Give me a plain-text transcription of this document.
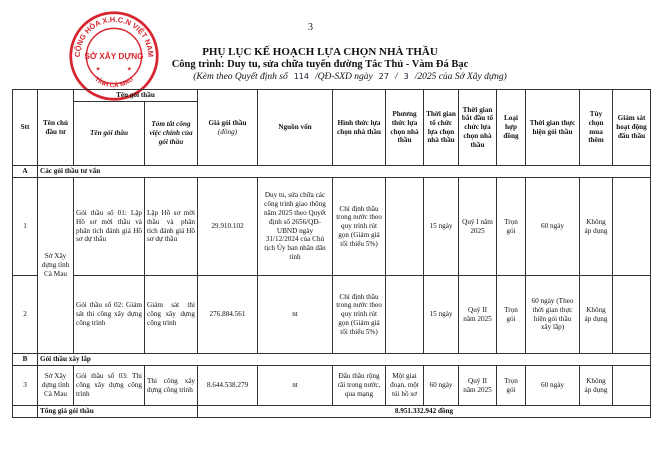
3
CỘNG HÒA X.H.C.N VIỆT NAM
TỈNH CÀ MAU
SỞ XÂY DỰNG
★	★
PHỤ LỤC KẾ HOẠCH LỰA CHỌN NHÀ THẦU
Công trình: Duy tu, sửa chữa tuyến đường Tắc Thủ - Vàm Đá Bạc
(Kèm theo Quyết định số 114 /QĐ-SXD ngày 27 / 3 /2025 của Sở Xây dựng)
Stt	Tên chủ đầu tư	Tên gói thầu		Giá gói thầu
(đồng)	Nguồn vốn	Hình thức lựa chọn nhà thầu	Phương thức lựa chọn nhà thầu	Thời gian tổ chức lựa chọn nhà thầu	Thời gian bắt đầu tổ chức lựa chọn nhà thầu	Loại hợp đồng	Thời gian thực hiện gói thầu	Tùy chọn mua thêm	Giám sát hoạt động đấu thầu
		Tên gói thầu	Tóm tắt công việc chính của gói thầu										
A	Các gói thầu tư vấn												
1	Sở Xây dựng tỉnh Cà Mau	Gói thầu số 01: Lập Hồ sơ mời thầu và phân tích đánh giá Hồ sơ dự thầu	Lập Hồ sơ mời thầu và phân tích đánh giá Hồ sơ dự thầu	29.910.102	Duy tu, sửa chữa các công trình giao thông năm 2025 theo Quyết định số 2656/QĐ-UBND ngày 31/12/2024 của Chủ tịch Ủy ban nhân dân tỉnh	Chỉ định thầu trong nước theo quy trình rút gọn (Giảm giá tối thiểu 5%)		15 ngày	Quý I năm 2025	Trọn gói	60 ngày	Không áp dụng	
2		Gói thầu số 02: Giám sát thi công xây dựng công trình	Giám sát thi công xây dựng công trình	276.884.561	nt	Chỉ định thầu trong nước theo quy trình rút gọn (Giảm giá tối thiểu 5%)		15 ngày	Quý II năm 2025	Trọn gói	60 ngày (Theo thời gian thực hiện gói thầu xây lắp)	Không áp dụng	
B	Gói thầu xây lắp												
3	Sở Xây dựng tỉnh Cà Mau	Gói thầu số 03: Thi công xây dựng công trình	Thi công xây dựng công trình	8.644.538.279	nt	Đấu thầu rộng rãi trong nước, qua mạng	Một giai đoạn, một túi hồ sơ	60 ngày	Quý II năm 2025	Trọn gói	60 ngày	Không áp dụng	
	Tổng giá gói thầu			8.951.332.942 đồng									
